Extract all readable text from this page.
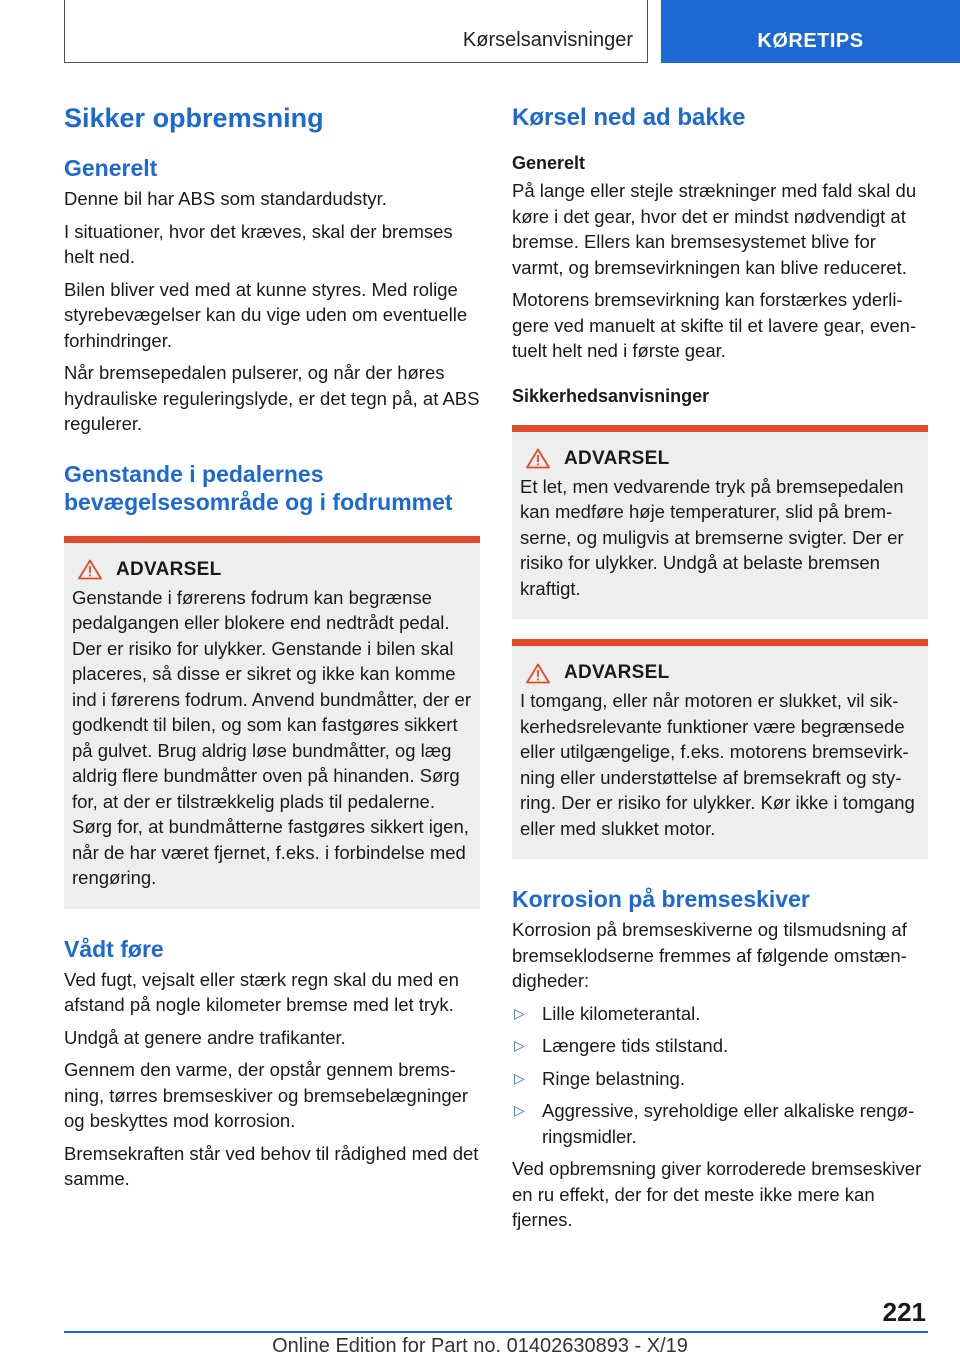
Kørselsanvisninger	KØRETIPS
Sikker opbremsning
Generelt

Denne bil har ABS som standardudstyr.

I situationer, hvor det kræves, skal der bremses helt ned.

Bilen bliver ved med at kunne styres. Med rolige styrebevægelser kan du vige uden om eventuelle forhindringer.

Når bremsepedalen pulserer, og når der høres hydrauliske reguleringslyde, er det tegn på, at ABS regulerer.

Genstande i pedalernes bevægelsesområde og i fodrummet
ADVARSEL

Genstande i førerens fodrum kan begrænse pedalgangen eller blokere end nedtrådt pedal. Der er risiko for ulykker. Genstande i bilen skal placeres, så disse er sikret og ikke kan komme ind i førerens fodrum. Anvend bundmåtter, der er godkendt til bilen, og som kan fastgøres sikkert på gulvet. Brug aldrig løse bundmåtter, og læg aldrig flere bundmåtter oven på hinanden. Sørg for, at der er tilstrækkelig plads til pedalerne. Sørg for, at bundmåtterne fastgøres sikkert igen, når de har været fjernet, f.eks. i forbindelse med rengøring.

Vådt føre

Ved fugt, vejsalt eller stærk regn skal du med en afstand på nogle kilometer bremse med let tryk.

Undgå at genere andre trafikanter.

Gennem den varme, der opstår gennem bremsning, tørres bremseskiver og bremsebelægninger og beskyttes mod korrosion.

Bremsekraften står ved behov til rådighed med det samme.

Kørsel ned ad bakke
Generelt

På lange eller stejle strækninger med fald skal du køre i det gear, hvor det er mindst nødvendigt at bremse. Ellers kan bremsesystemet blive for varmt, og bremsevirkningen kan blive reduceret.

Motorens bremsevirkning kan forstærkes yderligere ved manuelt at skifte til et lavere gear, eventuelt helt ned i første gear.

Sikkerhedsanvisninger
ADVARSEL

Et let, men vedvarende tryk på bremsepedalen kan medføre høje temperaturer, slid på bremserne, og muligvis at bremserne svigter. Der er risiko for ulykker. Undgå at belaste bremsen kraftigt.

ADVARSEL

I tomgang, eller når motoren er slukket, vil sikkerhedsrelevante funktioner være begrænsede eller utilgængelige, f.eks. motorens bremsevirkning eller understøttelse af bremsekraft og styring. Der er risiko for ulykker. Kør ikke i tomgang eller med slukket motor.

Korrosion på bremseskiver

Korrosion på bremseskiverne og tilsmudsning af bremseklodserne fremmes af følgende omstændigheder:

▷ Lille kilometerantal.
▷ Længere tids stilstand.
▷ Ringe belastning.
▷ Aggressive, syreholdige eller alkaliske rengøringsmidler.

Ved opbremsning giver korroderede bremseskiver en ru effekt, der for det meste ikke mere kan fjernes.

221
Online Edition for Part no. 01402630893 - X/19
